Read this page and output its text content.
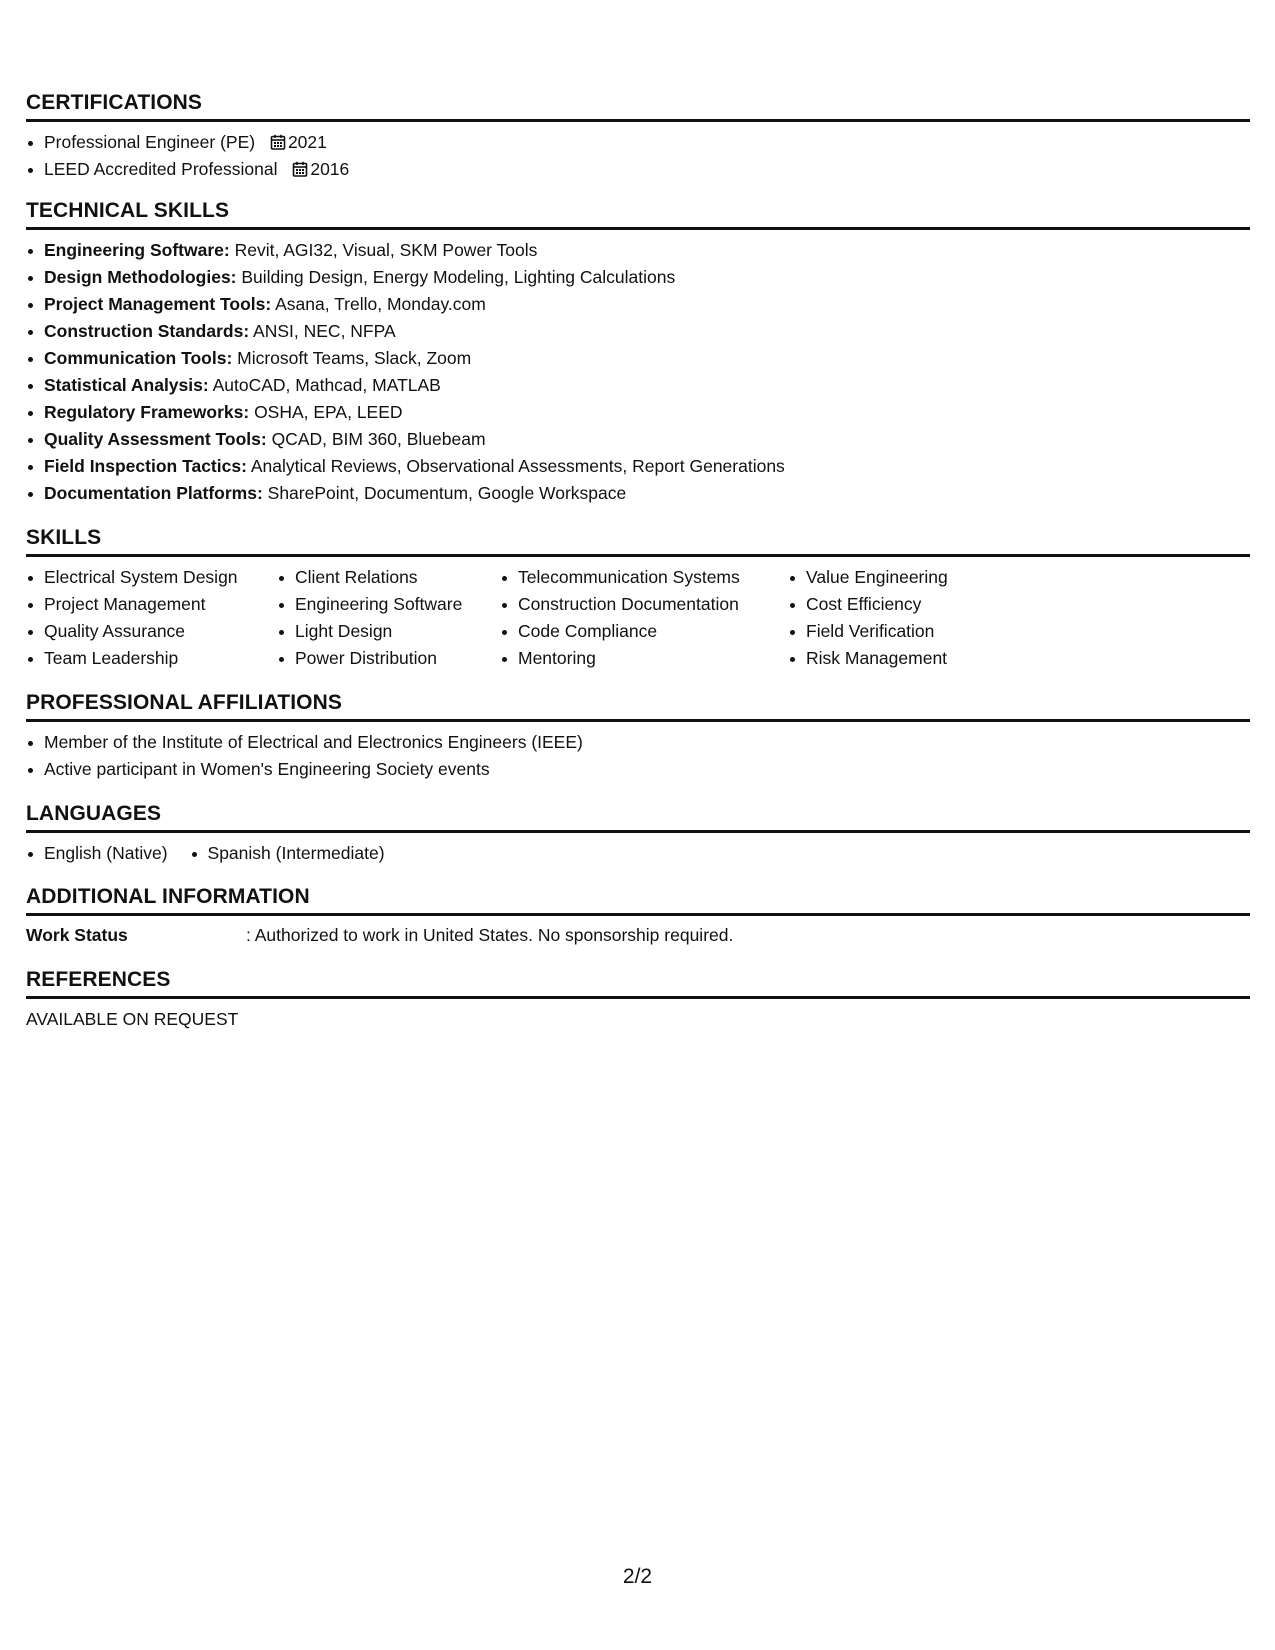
CERTIFICATIONS
Professional Engineer (PE) 2021
LEED Accredited Professional 2016
TECHNICAL SKILLS
Engineering Software: Revit, AGI32, Visual, SKM Power Tools
Design Methodologies: Building Design, Energy Modeling, Lighting Calculations
Project Management Tools: Asana, Trello, Monday.com
Construction Standards: ANSI, NEC, NFPA
Communication Tools: Microsoft Teams, Slack, Zoom
Statistical Analysis: AutoCAD, Mathcad, MATLAB
Regulatory Frameworks: OSHA, EPA, LEED
Quality Assessment Tools: QCAD, BIM 360, Bluebeam
Field Inspection Tactics: Analytical Reviews, Observational Assessments, Report Generations
Documentation Platforms: SharePoint, Documentum, Google Workspace
SKILLS
Electrical System Design
Project Management
Quality Assurance
Team Leadership
Client Relations
Engineering Software
Light Design
Power Distribution
Telecommunication Systems
Construction Documentation
Code Compliance
Mentoring
Value Engineering
Cost Efficiency
Field Verification
Risk Management
PROFESSIONAL AFFILIATIONS
Member of the Institute of Electrical and Electronics Engineers (IEEE)
Active participant in Women's Engineering Society events
LANGUAGES
English (Native)	Spanish (Intermediate)
ADDITIONAL INFORMATION
Work Status	: Authorized to work in United States. No sponsorship required.
REFERENCES
AVAILABLE ON REQUEST
2/2
